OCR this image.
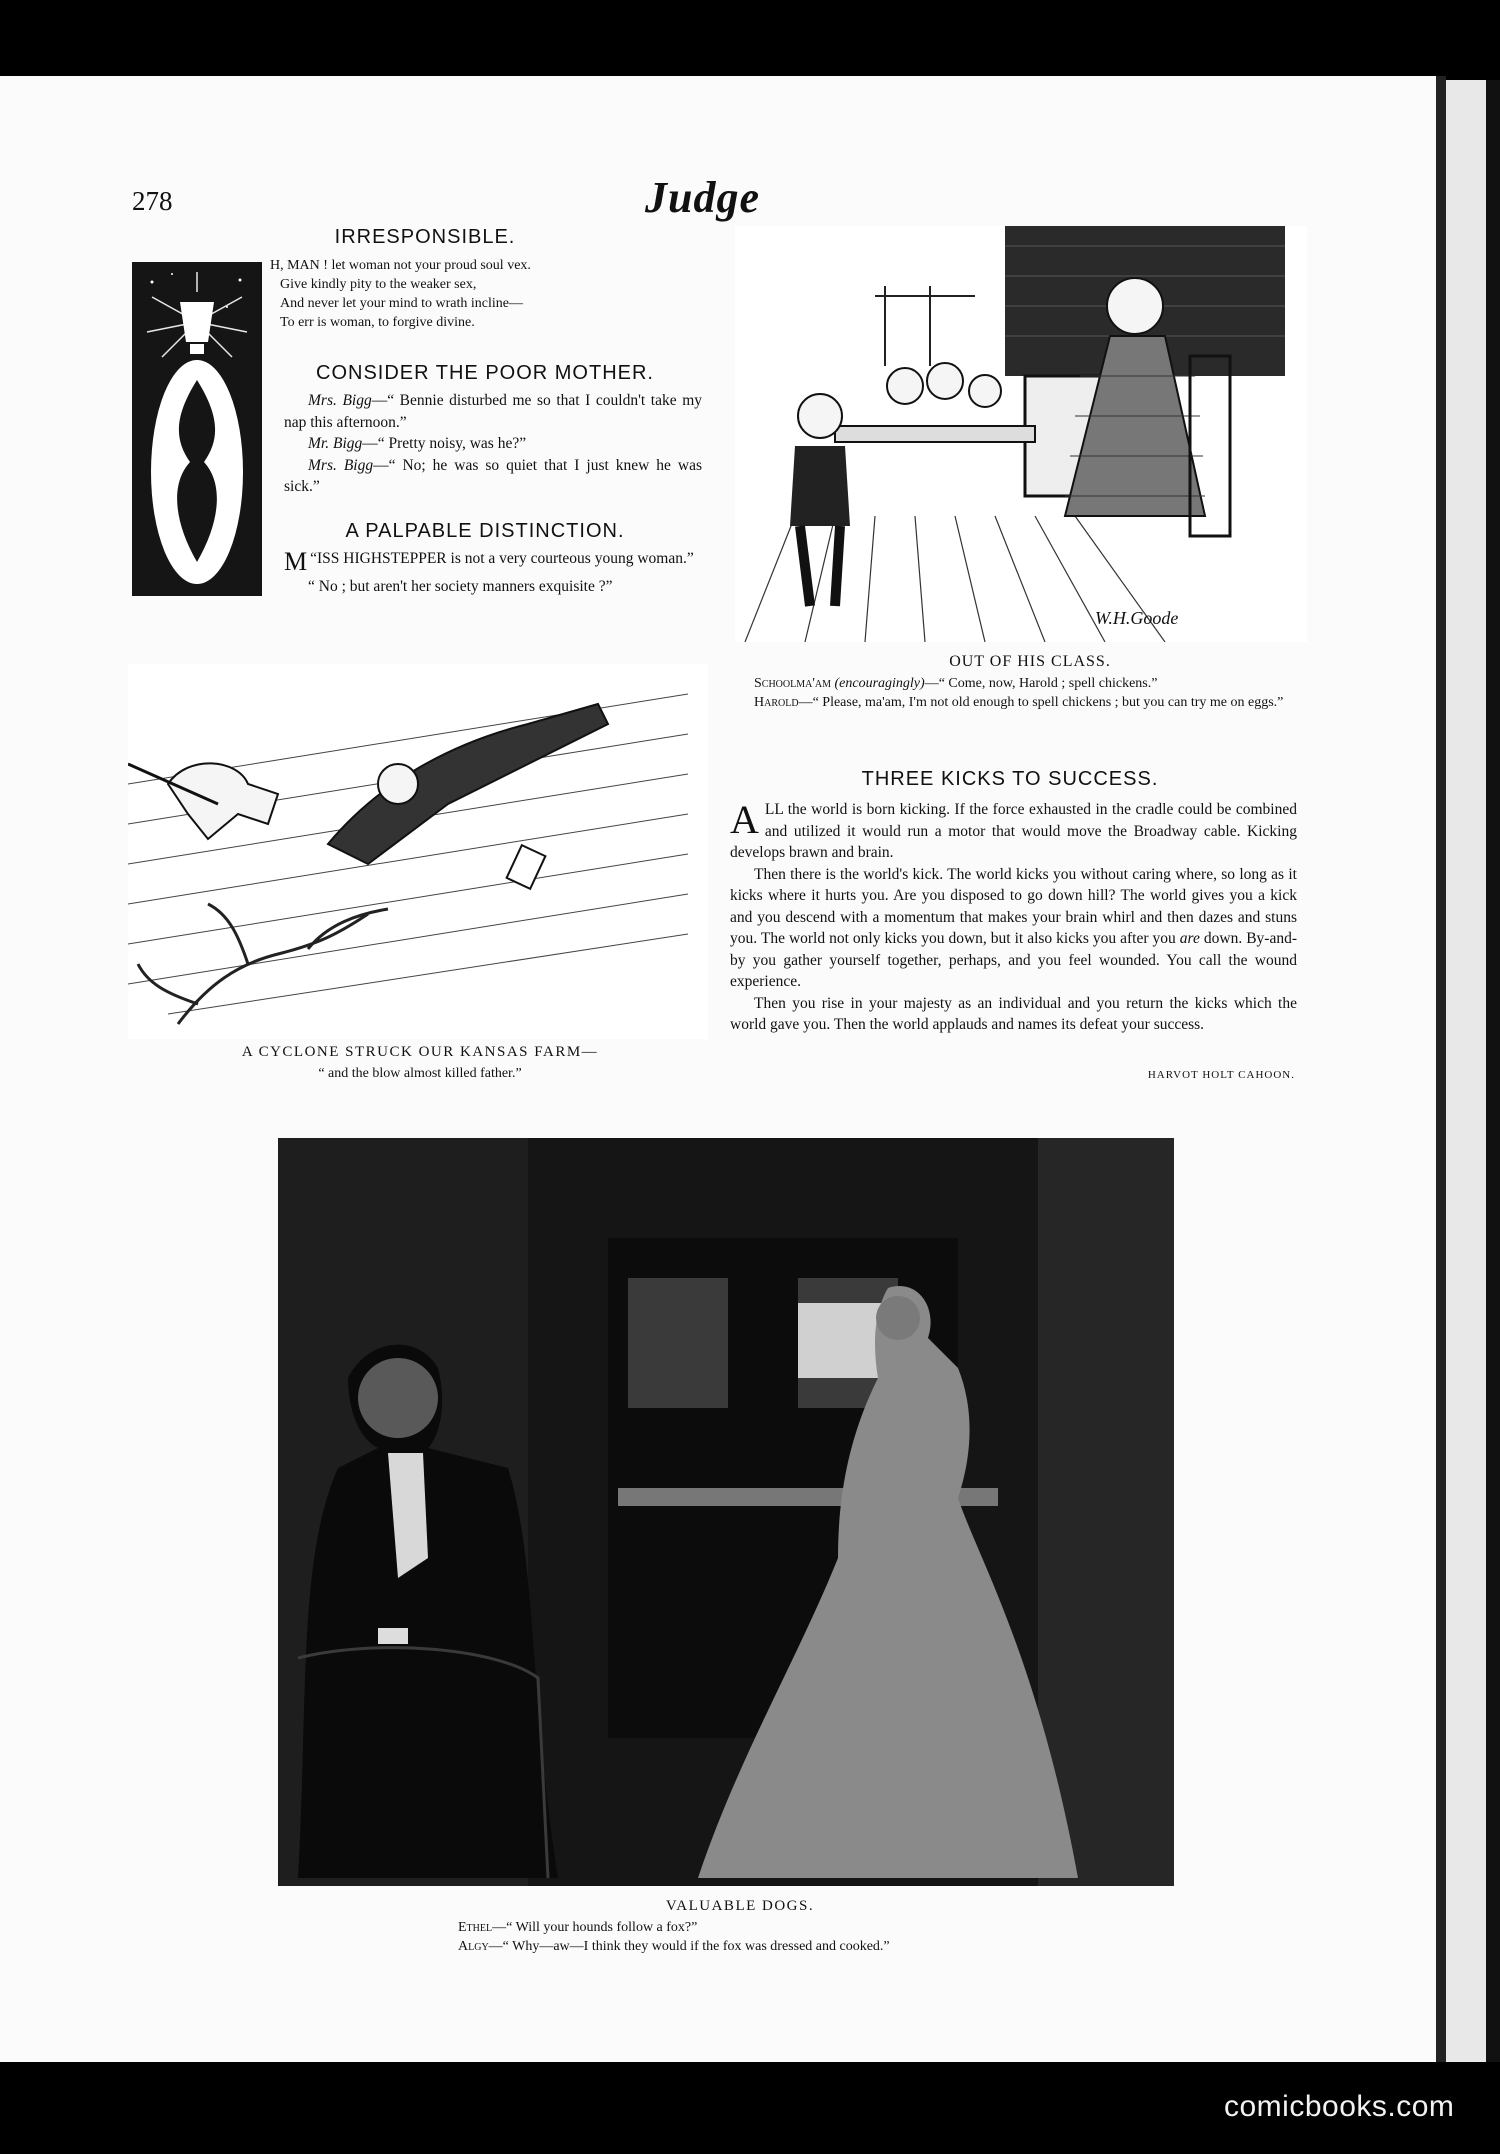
278	Judge
IRRESPONSIBLE.

H, MAN ! let woman not your proud soul vex.

Give kindly pity to the weaker sex,

And never let your mind to wrath incline—

To err is woman, to forgive divine.

CONSIDER THE POOR MOTHER.

Mrs. Bigg—“ Bennie disturbed me so that I couldn't take my nap this afternoon.”

Mr. Bigg—“ Pretty noisy, was he?”

Mrs. Bigg—“ No; he was so quiet that I just knew he was sick.”

A PALPABLE DISTINCTION.

“
M ISS HIGHSTEPPER is not a very courteous young woman.”

“ No ; but aren't her society manners exquisite ?”

W.H.Goode
OUT OF HIS CLASS.

Schoolma'am (encouragingly)—“ Come, now, Harold ; spell chickens.”

Harold—“ Please, ma'am, I'm not old enough to spell chickens ; but you can try me on eggs.”

A CYCLONE STRUCK OUR KANSAS FARM—
“ and the blow almost killed father.”
THREE KICKS TO SUCCESS.

ALL the world is born kicking. If the force exhausted in the cradle could be combined and utilized it would run a motor that would move the Broadway cable. Kicking develops brawn and brain.

Then there is the world's kick. The world kicks you without caring where, so long as it kicks where it hurts you. Are you disposed to go down hill? The world gives you a kick and you descend with a momentum that makes your brain whirl and then dazes and stuns you. The world not only kicks you down, but it also kicks you after you are down. By-and-by you gather yourself together, perhaps, and you feel wounded. You call the wound experience.

Then you rise in your majesty as an individual and you return the kicks which the world gave you. Then the world applauds and names its defeat your success.

HARVOT HOLT CAHOON.
VALUABLE DOGS.

Ethel—“ Will your hounds follow a fox?”

Algy—“ Why—aw—I think they would if the fox was dressed and cooked.”

comicbooks.com
